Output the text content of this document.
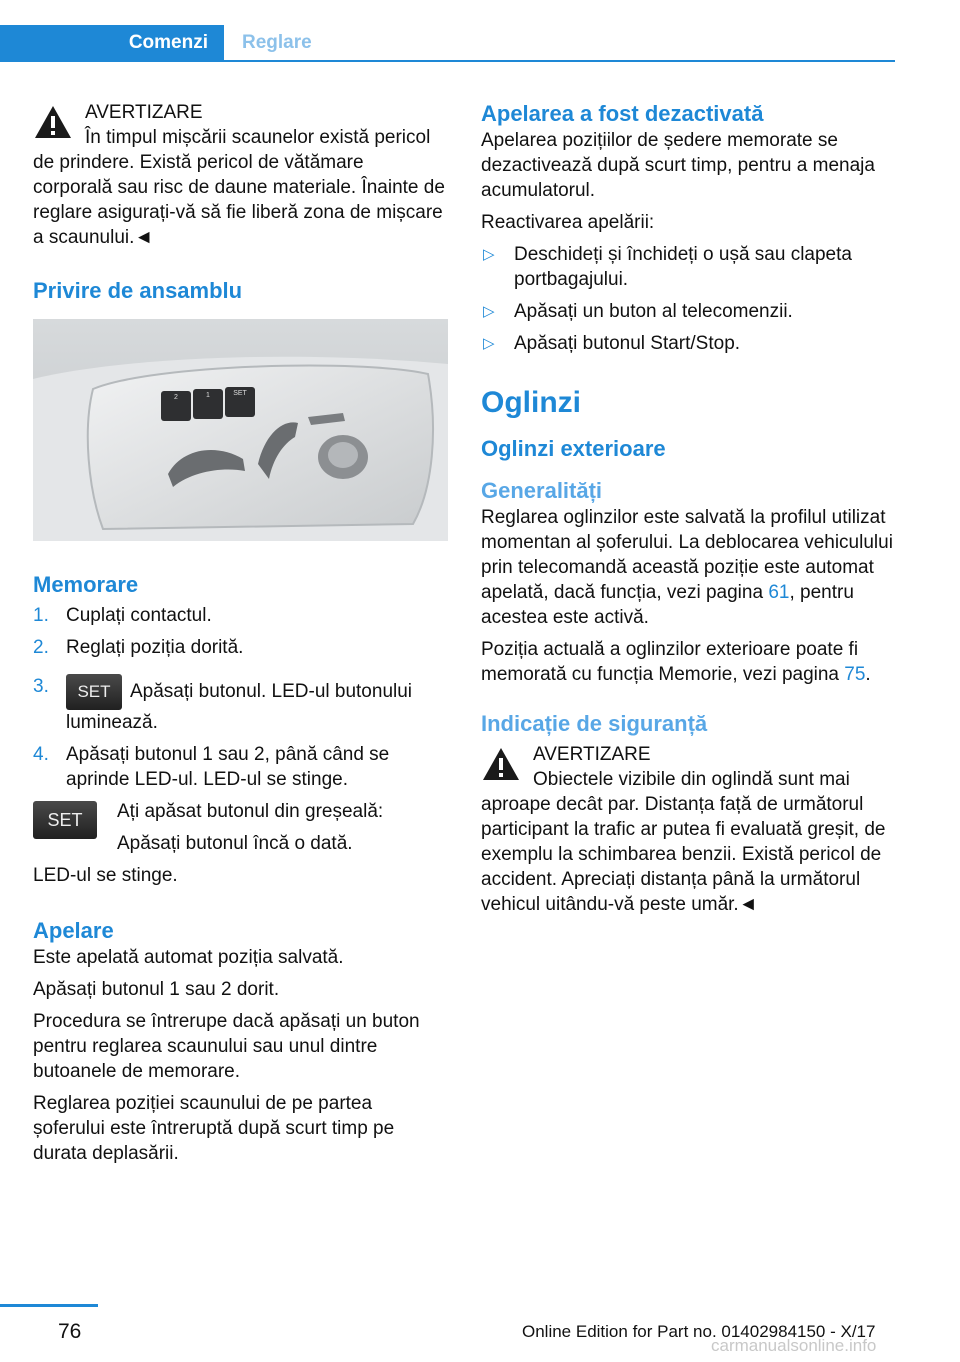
Comenzi	Reglare
AVERTIZARE

În timpul mișcării scaunelor există pericol de prindere. Există pericol de vătămare corporală sau risc de daune materiale. Înainte de reglare asigurați-vă să fie liberă zona de mișcare a scaunului.◄

Privire de ansamblu
2	1	SET
Memorare
1. Cuplați contactul.
2. Reglați poziția dorită.
3. SET Apăsați butonul. LED-ul butonului luminează.
4. Apăsați butonul 1 sau 2, până când se aprinde LED-ul. LED-ul se stinge.
SET	Ați apăsat butonul din greșeală:

Apăsați butonul încă o dată.

LED-ul se stinge.

Apelare

Este apelată automat poziția salvată.

Apăsați butonul 1 sau 2 dorit.

Procedura se întrerupe dacă apăsați un buton pentru reglarea scaunului sau unul dintre butoanele de memorare.

Reglarea poziției scaunului de pe partea șoferului este întreruptă după scurt timp pe durata deplasării.

Apelarea a fost dezactivată

Apelarea pozițiilor de ședere memorate se dezactivează după scurt timp, pentru a menaja acumulatorul.

Reactivarea apelării:

▷ Deschideți și închideți o ușă sau clapeta portbagajului.
▷ Apăsați un buton al telecomenzii.
▷ Apăsați butonul Start/Stop.
Oglinzi
Oglinzi exterioare
Generalități

Reglarea oglinzilor este salvată la profilul utilizat momentan al șoferului. La deblocarea vehiculului prin telecomandă această poziție este automat apelată, dacă funcția, vezi pagina 61, pentru acestea este activă.

Poziția actuală a oglinzilor exterioare poate fi memorată cu funcția Memorie, vezi pagina 75.

Indicație de siguranță
AVERTIZARE

Obiectele vizibile din oglindă sunt mai aproape decât par. Distanța față de următorul participant la trafic ar putea fi evaluată greșit, de exemplu la schimbarea benzii. Există pericol de accident. Apreciați distanța până la următorul vehicul uitându-vă peste umăr.◄

76	Online Edition for Part no. 01402984150 - X/17
carmanualsonline.info
